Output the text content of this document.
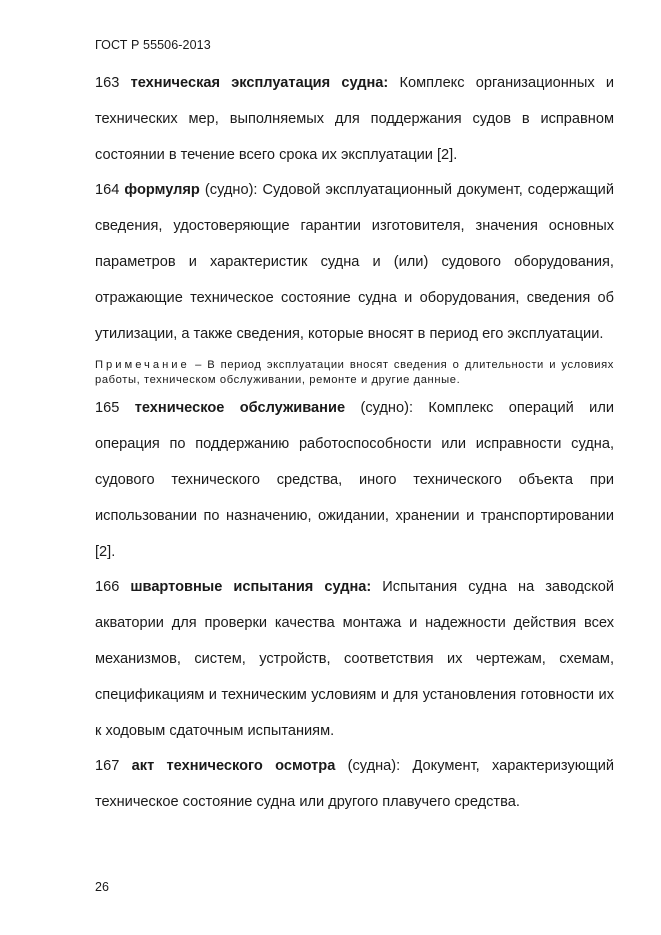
ГОСТ Р 55506-2013

163 техническая эксплуатация судна: Комплекс организационных и технических мер, выполняемых для поддержания судов в исправном состоянии в течение всего срока их эксплуатации [2].

164 формуляр (судно): Судовой эксплуатационный документ, содержащий сведения, удостоверяющие гарантии изготовителя, значения основных параметров и характеристик судна и (или) судового оборудования, отражающие техническое состояние судна и оборудования, сведения об утилизации, а также сведения, которые вносят в период его эксплуатации.

Примечание – В период эксплуатации вносят сведения о длительности и условиях работы, техническом обслуживании, ремонте и другие данные.

165 техническое обслуживание (судно): Комплекс операций или операция по поддержанию работоспособности или исправности судна, судового технического средства, иного технического объекта при использовании по назначению, ожидании, хранении и транспортировании [2].

166 швартовные испытания судна: Испытания судна на заводской акватории для проверки качества монтажа и надежности действия всех механизмов, систем, устройств, соответствия их чертежам, схемам, спецификациям и техническим условиям и для установления готовности их к ходовым сдаточным испытаниям.

167 акт технического осмотра (судна): Документ, характеризующий техническое состояние судна или другого плавучего средства.

26
